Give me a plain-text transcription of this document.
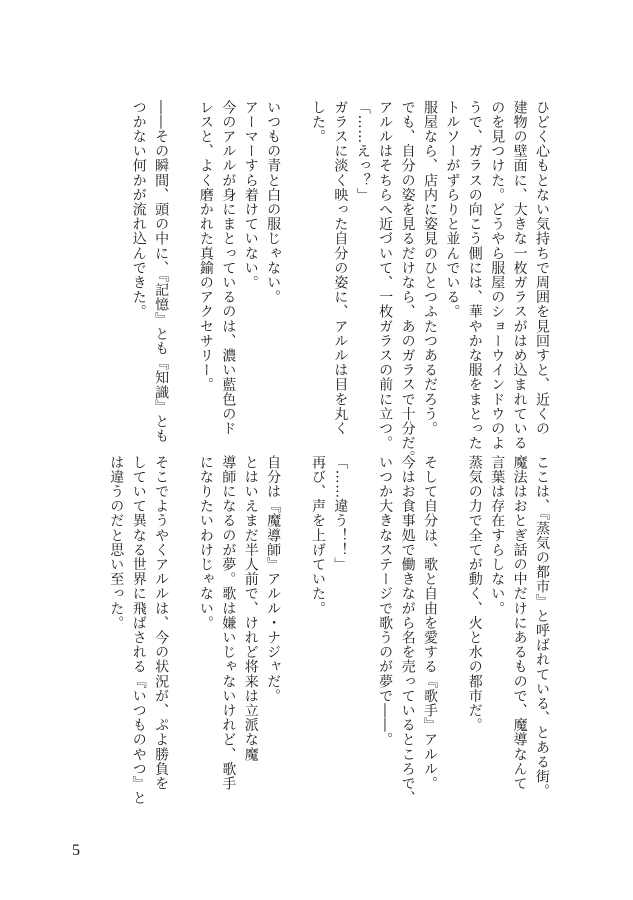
ひどく心もとない気持ちで周囲を見回すと、近くの
建物の壁面に、大きな一枚ガラスがはめ込まれている
のを見つけた。どうやら服屋のショーウインドウのよ
うで、ガラスの向こう側には、華やかな服をまとった
トルソーがずらりと並んでいる。
服屋なら、店内に姿見のひとつふたつあるだろう。
でも、自分の姿を見るだけなら、あのガラスで十分だ。
アルルはそちらへ近づいて、一枚ガラスの前に立つ。
「……えっ？」
ガラスに淡く映った自分の姿に、アルルは目を丸く
した。
いつもの青と白の服じゃない。
アーマーすら着けていない。
今のアルルが身にまとっているのは、濃い藍色のド
レスと、よく磨かれた真鍮のアクセサリー。
――その瞬間、頭の中に、『記憶』とも『知識』とも
つかない何かが流れ込んできた。
ここは、『蒸気の都市』と呼ばれている、とある街。
魔法はおとぎ話の中だけにあるもので、魔導なんて
言葉は存在すらしない。
蒸気の力で全てが動く、火と水の都市だ。
そして自分は、歌と自由を愛する『歌手』アルル。
今はお食事処で働きながら名を売っているところで、
いつか大きなステージで歌うのが夢で――。
「……違う！！」
再び、声を上げていた。
自分は『魔導師』アルル・ナジャだ。
とはいえまだ半人前で、けれど将来は立派な魔
導師になるのが夢。歌は嫌いじゃないけれど、歌手
になりたいわけじゃない。
そこでようやくアルルは、今の状況が、ぷよ勝負を
していて異なる世界に飛ばされる『いつものやつ』と
は違うのだと思い至った。
5
